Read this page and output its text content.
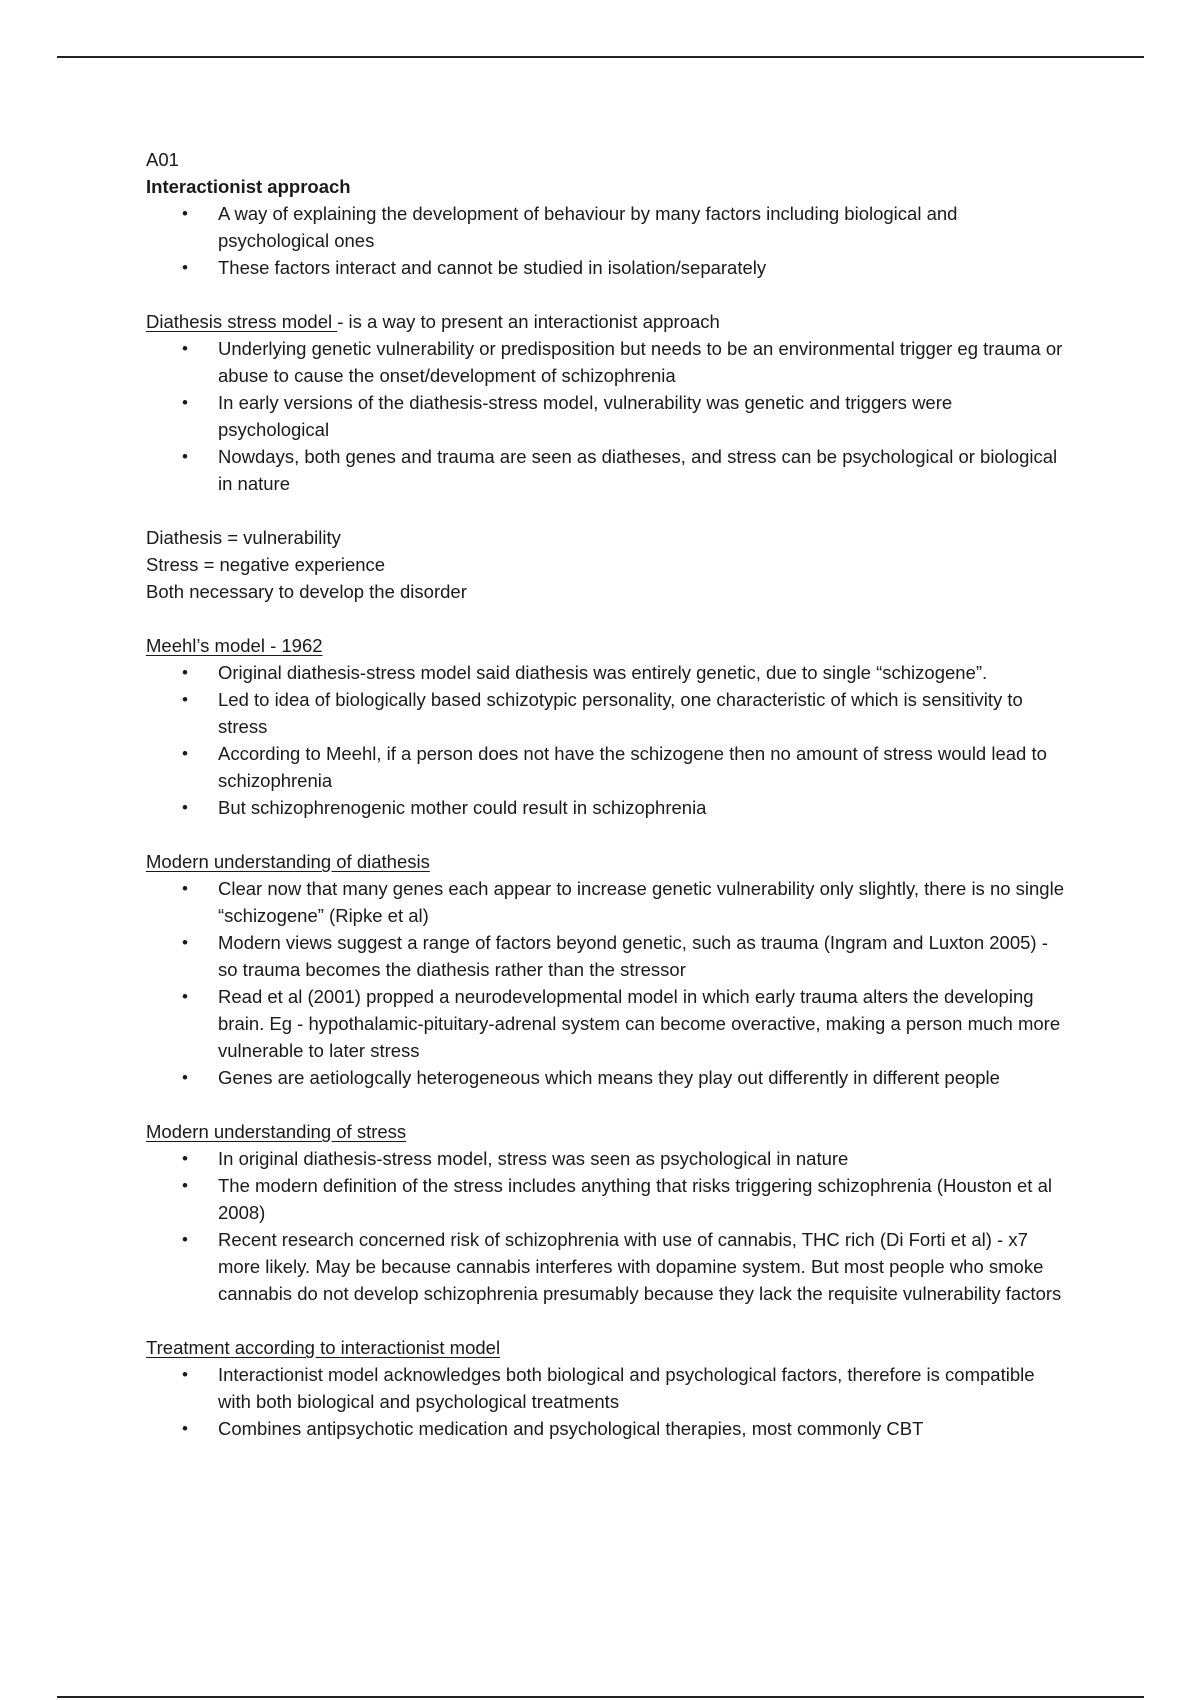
A01

Interactionist approach

• A way of explaining the development of behaviour by many factors including biological and psychological ones
• These factors interact and cannot be studied in isolation/separately

Diathesis stress model - is a way to present an interactionist approach

• Underlying genetic vulnerability or predisposition but needs to be an environmental trigger eg trauma or abuse to cause the onset/development of schizophrenia
• In early versions of the diathesis-stress model, vulnerability was genetic and triggers were psychological
• Nowdays, both genes and trauma are seen as diatheses, and stress can be psychological or biological in nature

Diathesis = vulnerability

Stress = negative experience

Both necessary to develop the disorder

Meehl’s model - 1962

• Original diathesis-stress model said diathesis was entirely genetic, due to single “schizogene”.
• Led to idea of biologically based schizotypic personality, one characteristic of which is sensitivity to stress
• According to Meehl, if a person does not have the schizogene then no amount of stress would lead to schizophrenia
• But schizophrenogenic mother could result in schizophrenia

Modern understanding of diathesis

• Clear now that many genes each appear to increase genetic vulnerability only slightly, there is no single “schizogene” (Ripke et al)
• Modern views suggest a range of factors beyond genetic, such as trauma (Ingram and Luxton 2005) - so trauma becomes the diathesis rather than the stressor
• Read et al (2001) propped a neurodevelopmental model in which early trauma alters the developing brain. Eg - hypothalamic-pituitary-adrenal system can become overactive, making a person much more vulnerable to later stress
• Genes are aetiologcally heterogeneous which means they play out differently in different people

Modern understanding of stress

• In original diathesis-stress model, stress was seen as psychological in nature
• The modern definition of the stress includes anything that risks triggering schizophrenia (Houston et al 2008)
• Recent research concerned risk of schizophrenia with use of cannabis, THC rich (Di Forti et al) - x7 more likely. May be because cannabis interferes with dopamine system. But most people who smoke cannabis do not develop schizophrenia presumably because they lack the requisite vulnerability factors

Treatment according to interactionist model

• Interactionist model acknowledges both biological and psychological factors, therefore is compatible with both biological and psychological treatments
• Combines antipsychotic medication and psychological therapies, most commonly CBT
